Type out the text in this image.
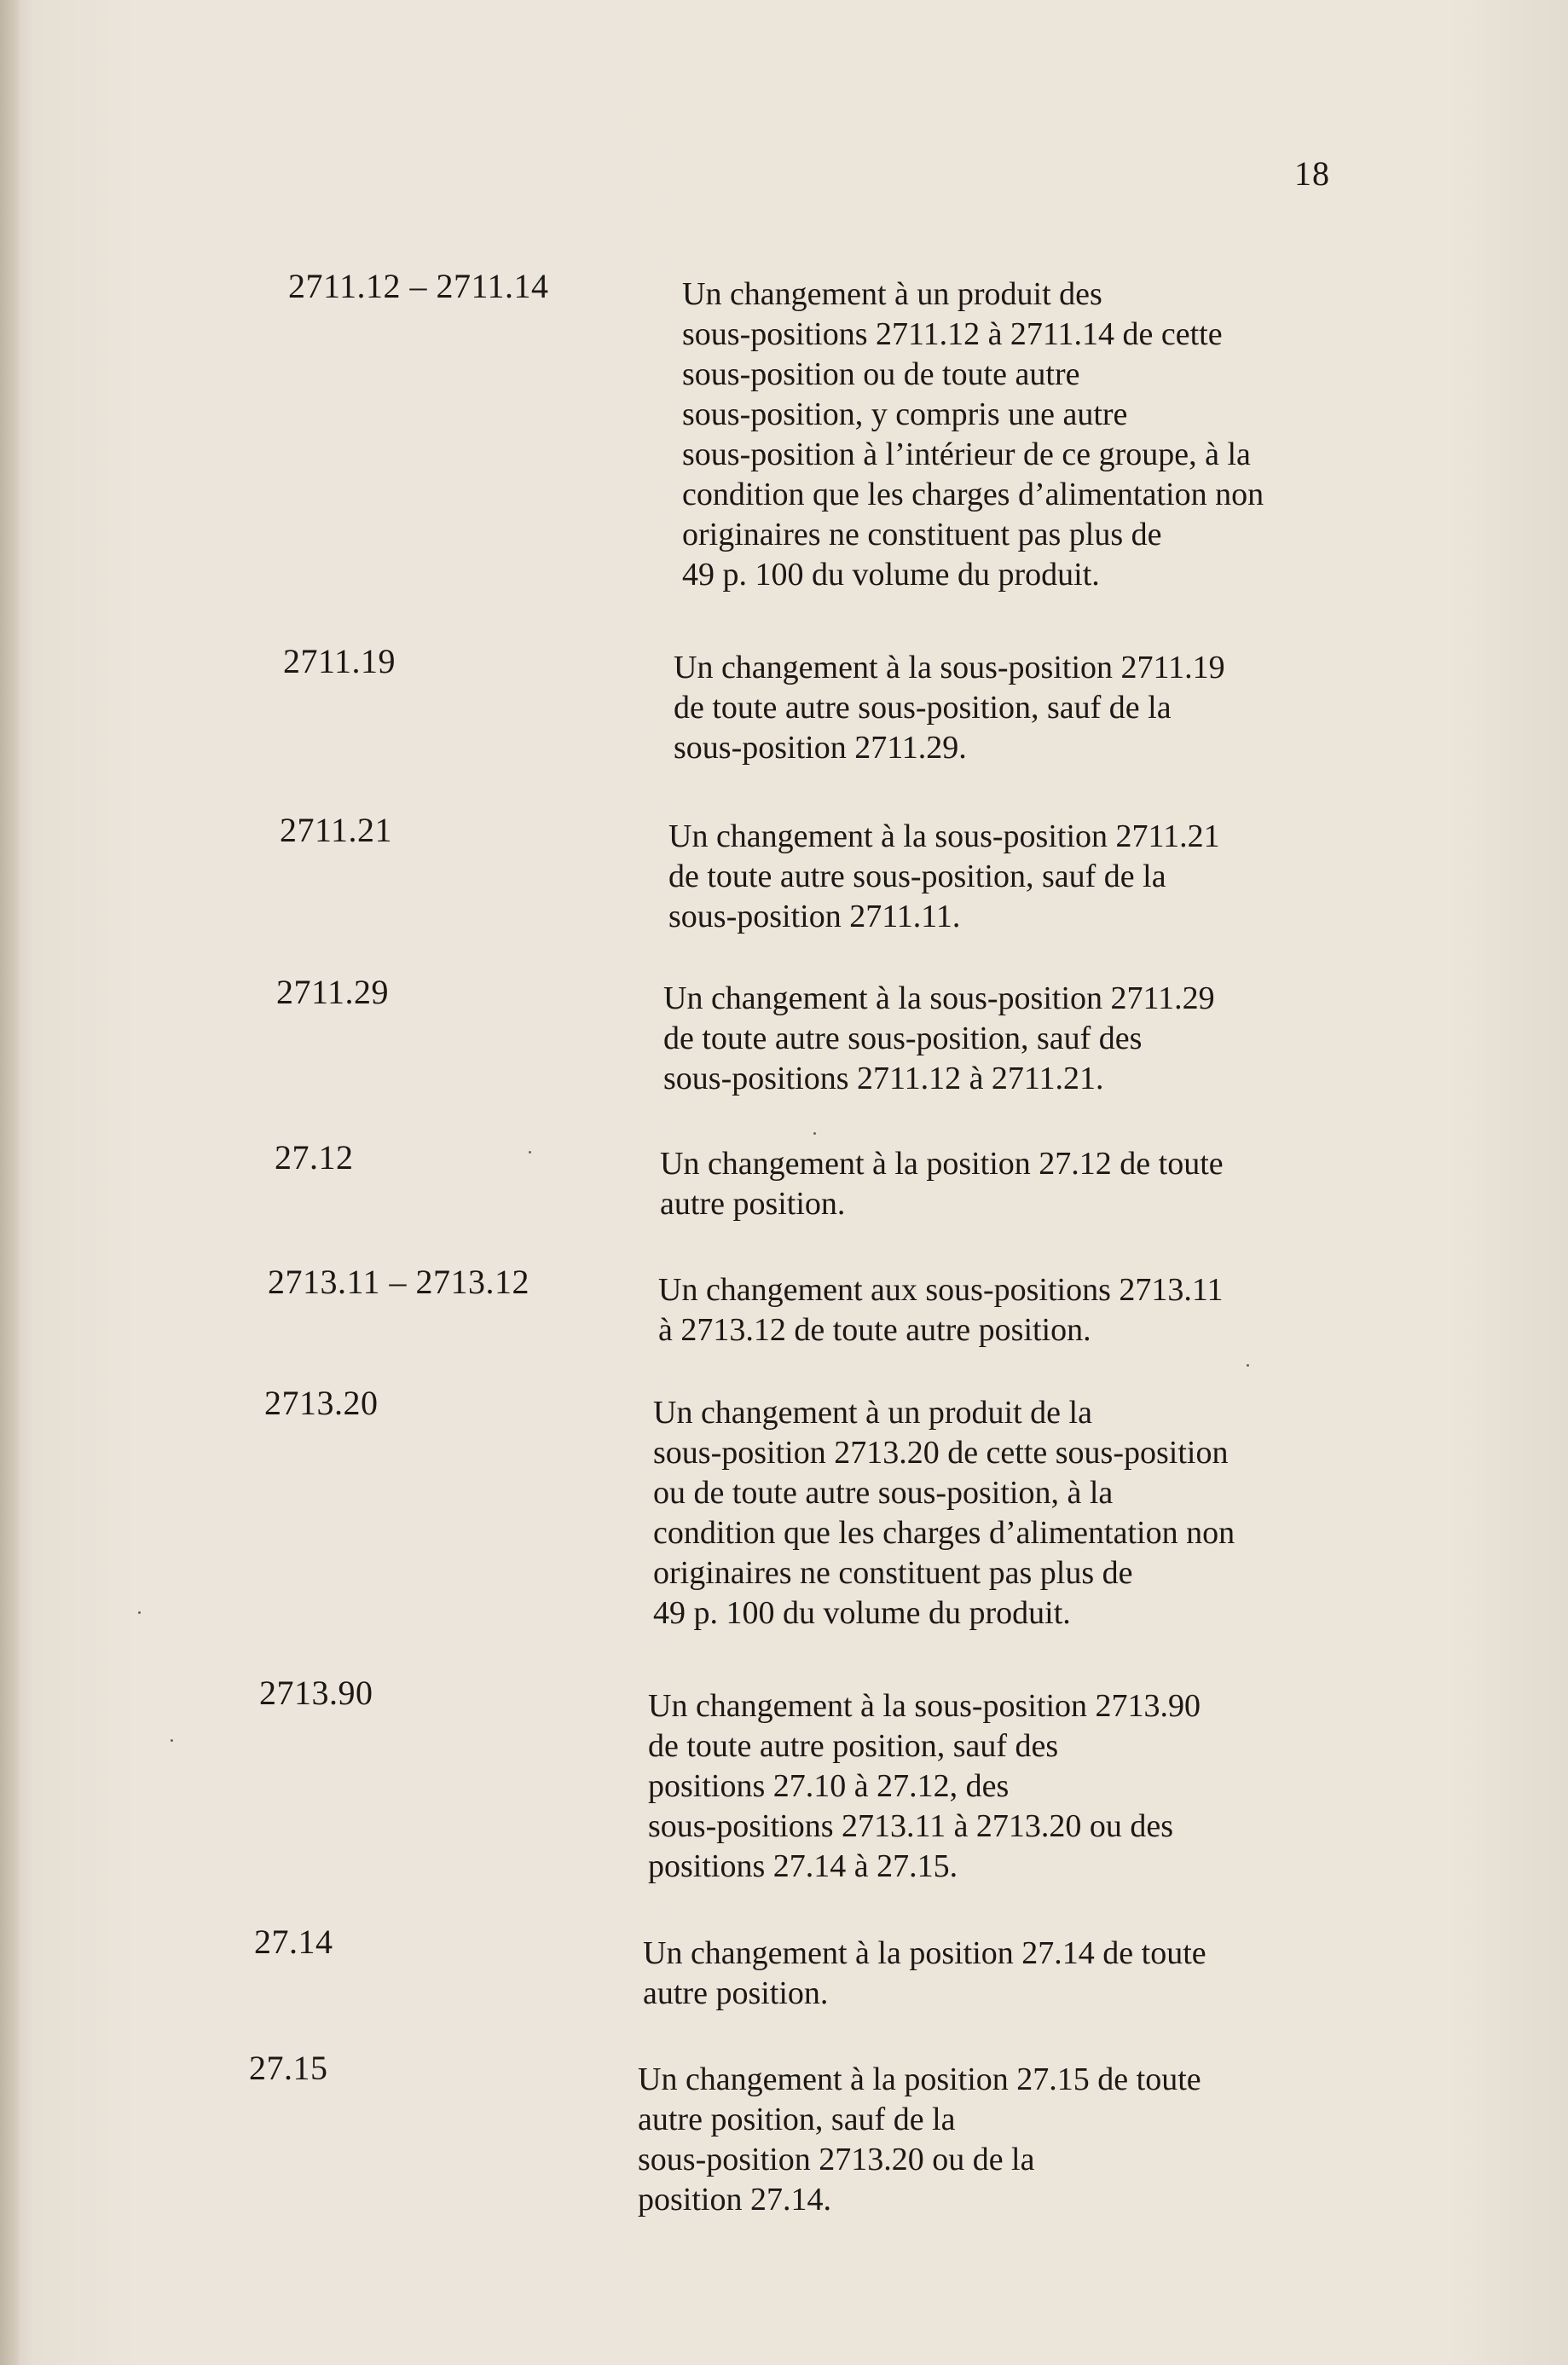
18
2711.12 – 2711.14	Un changement à un produit des
sous-positions 2711.12 à 2711.14 de cette
sous-position ou de toute autre
sous-position, y compris une autre
sous-position à l’intérieur de ce groupe, à la
condition que les charges d’alimentation non
originaires ne constituent pas plus de
49 p. 100 du volume du produit.
2711.19	Un changement à la sous-position 2711.19
de toute autre sous-position, sauf de la
sous-position 2711.29.
2711.21	Un changement à la sous-position 2711.21
de toute autre sous-position, sauf de la
sous-position 2711.11.
2711.29	Un changement à la sous-position 2711.29
de toute autre sous-position, sauf des
sous-positions 2711.12 à 2711.21.
27.12	Un changement à la position 27.12 de toute
autre position.
2713.11 – 2713.12	Un changement aux sous-positions 2713.11
à 2713.12 de toute autre position.
2713.20	Un changement à un produit de la
sous-position 2713.20 de cette sous-position
ou de toute autre sous-position, à la
condition que les charges d’alimentation non
originaires ne constituent pas plus de
49 p. 100 du volume du produit.
2713.90	Un changement à la sous-position 2713.90
de toute autre position, sauf des
positions 27.10 à 27.12, des
sous-positions 2713.11 à 2713.20 ou des
positions 27.14 à 27.15.
27.14	Un changement à la position 27.14 de toute
autre position.
27.15	Un changement à la position 27.15 de toute
autre position, sauf de la
sous-position 2713.20 ou de la
position 27.14.
